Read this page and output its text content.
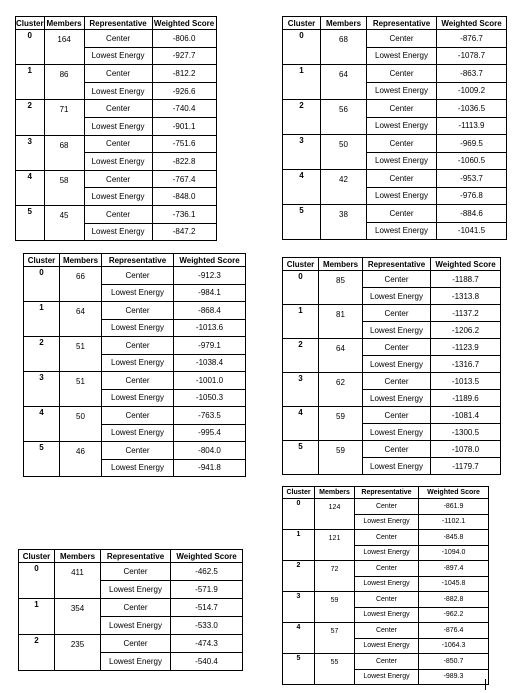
Cluster	Members	Representative	Weighted Score
0	164	Center	-806.0
		Lowest Energy	-927.7
1	86	Center	-812.2
		Lowest Energy	-926.6
2	71	Center	-740.4
		Lowest Energy	-901.1
3	68	Center	-751.6
		Lowest Energy	-822.8
4	58	Center	-767.4
		Lowest Energy	-848.0
5	45	Center	-736.1
		Lowest Energy	-847.2
Cluster	Members	Representative	Weighted Score
0	68	Center	-876.7
		Lowest Energy	-1078.7
1	64	Center	-863.7
		Lowest Energy	-1009.2
2	56	Center	-1036.5
		Lowest Energy	-1113.9
3	50	Center	-969.5
		Lowest Energy	-1060.5
4	42	Center	-953.7
		Lowest Energy	-976.8
5	38	Center	-884.6
		Lowest Energy	-1041.5
Cluster	Members	Representative	Weighted Score
0	66	Center	-912.3
		Lowest Energy	-984.1
1	64	Center	-868.4
		Lowest Energy	-1013.6
2	51	Center	-979.1
		Lowest Energy	-1038.4
3	51	Center	-1001.0
		Lowest Energy	-1050.3
4	50	Center	-763.5
		Lowest Energy	-995.4
5	46	Center	-804.0
		Lowest Energy	-941.8
Cluster	Members	Representative	Weighted Score
0	85	Center	-1188.7
		Lowest Energy	-1313.8
1	81	Center	-1137.2
		Lowest Energy	-1206.2
2	64	Center	-1123.9
		Lowest Energy	-1316.7
3	62	Center	-1013.5
		Lowest Energy	-1189.6
4	59	Center	-1081.4
		Lowest Energy	-1300.5
5	59	Center	-1078.0
		Lowest Energy	-1179.7
Cluster	Members	Representative	Weighted Score
0	124	Center	-861.9
		Lowest Energy	-1102.1
1	121	Center	-845.8
		Lowest Energy	-1094.0
2	72	Center	-897.4
		Lowest Energy	-1045.8
3	59	Center	-882.8
		Lowest Energy	-962.2
4	57	Center	-876.4
		Lowest Energy	-1064.3
5	55	Center	-850.7
		Lowest Energy	-989.3
Cluster	Members	Representative	Weighted Score
0	411	Center	-462.5
		Lowest Energy	-571.9
1	354	Center	-514.7
		Lowest Energy	-533.0
2	235	Center	-474.3
		Lowest Energy	-540.4
